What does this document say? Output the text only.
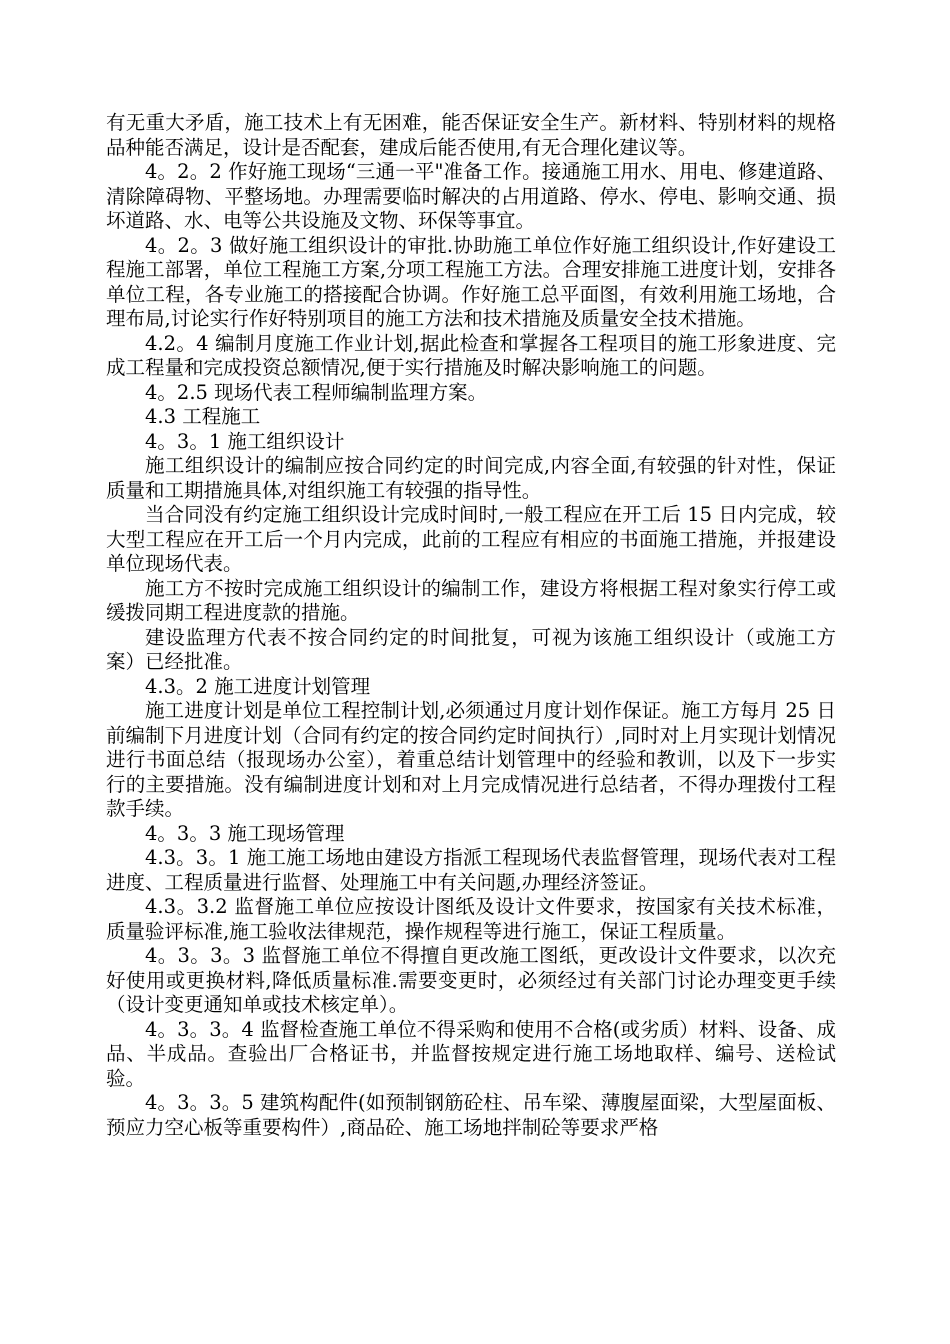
有无重大矛盾，施工技术上有无困难，能否保证安全生产。新材料、特别材料的规格品种能否满足，设计是否配套，建成后能否使用,有无合理化建议等。

4。2。2 作好施工现场“三通一平"准备工作。接通施工用水、用电、修建道路、清除障碍物、平整场地。办理需要临时解决的占用道路、停水、停电、影响交通、损坏道路、水、电等公共设施及文物、环保等事宜。

4。2。3 做好施工组织设计的审批.协助施工单位作好施工组织设计,作好建设工程施工部署，单位工程施工方案,分项工程施工方法。合理安排施工进度计划，安排各单位工程，各专业施工的搭接配合协调。作好施工总平面图，有效利用施工场地，合理布局,讨论实行作好特别项目的施工方法和技术措施及质量安全技术措施。

4.2。4 编制月度施工作业计划,据此检查和掌握各工程项目的施工形象进度、完成工程量和完成投资总额情况,便于实行措施及时解决影响施工的问题。

4。2.5 现场代表工程师编制监理方案。

4.3 工程施工

4。3。1 施工组织设计

施工组织设计的编制应按合同约定的时间完成,内容全面,有较强的针对性，保证质量和工期措施具体,对组织施工有较强的指导性。

当合同没有约定施工组织设计完成时间时,一般工程应在开工后 15 日内完成，较大型工程应在开工后一个月内完成，此前的工程应有相应的书面施工措施，并报建设单位现场代表。

施工方不按时完成施工组织设计的编制工作，建设方将根据工程对象实行停工或缓拨同期工程进度款的措施。

建设监理方代表不按合同约定的时间批复，可视为该施工组织设计（或施工方案）已经批准。

4.3。2 施工进度计划管理

施工进度计划是单位工程控制计划,必须通过月度计划作保证。施工方每月 25 日前编制下月进度计划（合同有约定的按合同约定时间执行）,同时对上月实现计划情况进行书面总结（报现场办公室），着重总结计划管理中的经验和教训，以及下一步实行的主要措施。没有编制进度计划和对上月完成情况进行总结者，不得办理拨付工程款手续。

4。3。3 施工现场管理

4.3。3。1 施工施工场地由建设方指派工程现场代表监督管理，现场代表对工程进度、工程质量进行监督、处理施工中有关问题,办理经济签证。

4.3。3.2 监督施工单位应按设计图纸及设计文件要求，按国家有关技术标准，质量验评标准,施工验收法律规范，操作规程等进行施工，保证工程质量。

4。3。3。3 监督施工单位不得擅自更改施工图纸，更改设计文件要求，以次充好使用或更换材料,降低质量标准.需要变更时，必须经过有关部门讨论办理变更手续（设计变更通知单或技术核定单）。

4。3。3。4 监督检查施工单位不得采购和使用不合格(或劣质）材料、设备、成品、半成品。查验出厂合格证书，并监督按规定进行施工场地取样、编号、送检试验。

4。3。3。5 建筑构配件(如预制钢筋砼柱、吊车梁、薄腹屋面梁，大型屋面板、预应力空心板等重要构件）,商品砼、施工场地拌制砼等要求严格
